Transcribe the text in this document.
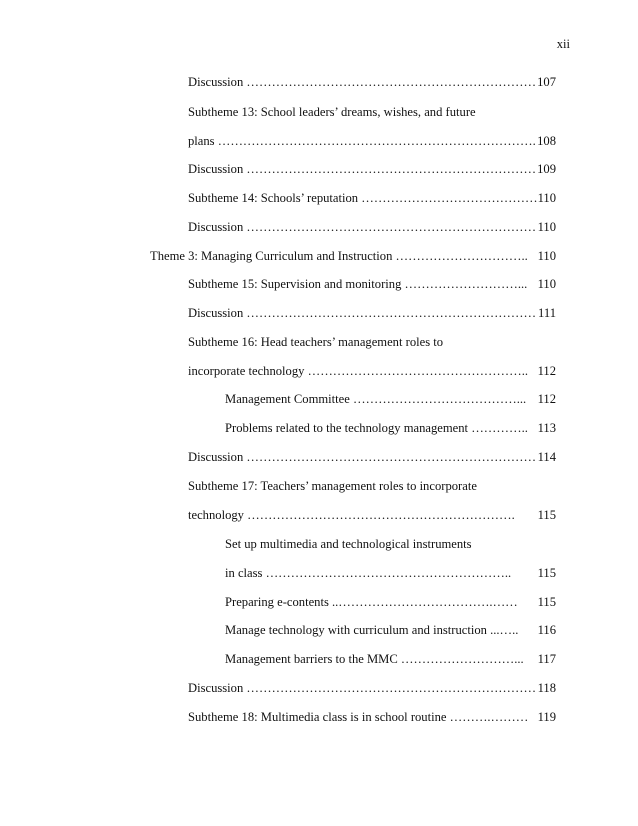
xii
Discussion …………………………………………………………… 107
Subtheme 13: School leaders’ dreams, wishes, and future
plans …………………………………………………………………. 108
Discussion …………………………………………………………… 109
Subtheme 14: Schools’ reputation …………………………………… 110
Discussion …………………………………………………………… 110
Theme 3: Managing Curriculum and Instruction ………………………….. 110
Subtheme 15: Supervision and monitoring ………………………... 110
Discussion …………………………………………………………… 111
Subtheme 16: Head teachers’ management roles to
incorporate technology …………………………………………….. 112
Management Committee …………………………………... 112
Problems related to the technology management ………….. 113
Discussion …………………………………………………………… 114
Subtheme 17: Teachers’ management roles to incorporate
technology ……………………………………………………….	115
Set up multimedia and technological instruments
in class …………………………………………………..	115
Preparing e-contents ..……………………………….……	115
Manage technology with curriculum and instruction ...…..	116
Management barriers to the MMC ………………………...	117
Discussion …………………………………………………………… 118
Subtheme 18: Multimedia class is in school routine ……….……… 119
